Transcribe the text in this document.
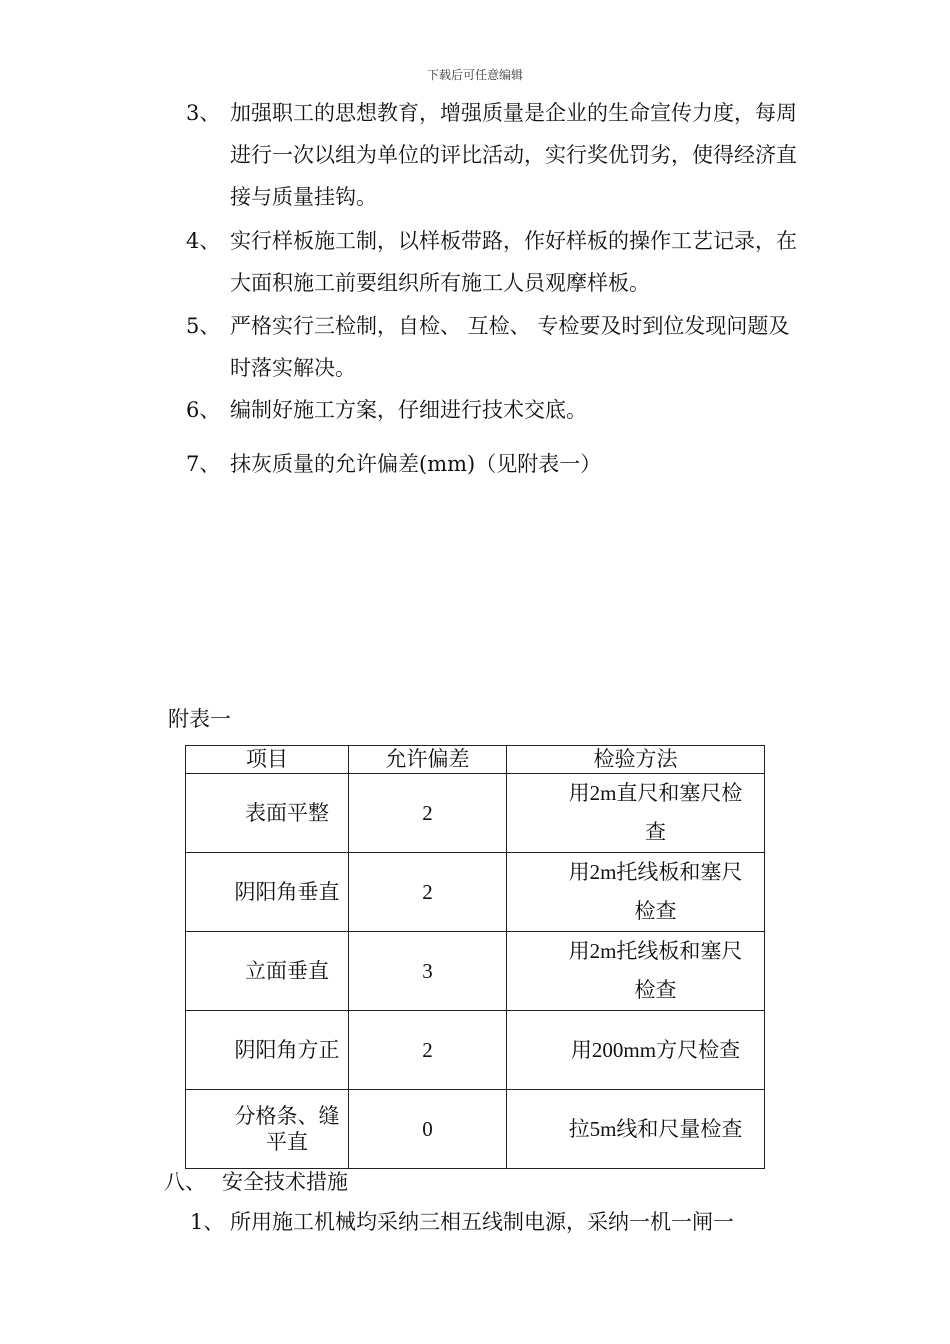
下载后可任意编辑
3、 加强职工的思想教育，增强质量是企业的生命宣传力度，每周进行一次以组为单位的评比活动，实行奖优罚劣，使得经济直接与质量挂钩。
4、 实行样板施工制，以样板带路，作好样板的操作工艺记录，在大面积施工前要组织所有施工人员观摩样板。
5、 严格实行三检制，自检、 互检、 专检要及时到位发现问题及时落实解决。
6、 编制好施工方案，仔细进行技术交底。
7、 抹灰质量的允许偏差(mm)（见附表一）
附表一
项目	允许偏差	检验方法
表面平整	2	用2m直尺和塞尺检查
阴阳角垂直	2	用2m托线板和塞尺检查
立面垂直	3	用2m托线板和塞尺检查
阴阳角方正	2	用200mm方尺检查
分格条、缝平直	0	拉5m线和尺量检查
八、 安全技术措施
1、 所用施工机械均采纳三相五线制电源，采纳一机一闸一
